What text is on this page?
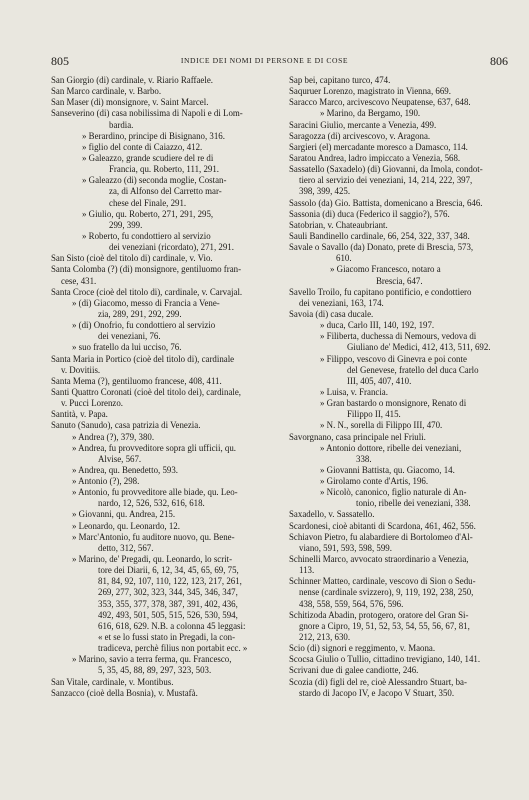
805	INDICE DEI NOMI DI PERSONE E DI COSE	806
San Giorgio (di) cardinale, v. Riario Raffaele.
San Marco cardinale, v. Barbo.
San Maser (di) monsignore, v. Saint Marcel.
Sanseverino (di) casa nobilissima di Napoli e di Lom-
bardia.
» Berardino, principe di Bisignano, 316.
» figlio del conte di Caiazzo, 412.
» Galeazzo, grande scudiere del re di
Francia, qu. Roberto, 111, 291.
» Galeazzo (di) seconda moglie, Costan-
za, di Alfonso del Carretto mar-
chese del Finale, 291.
» Giulio, qu. Roberto, 271, 291, 295,
299, 399.
» Roberto, fu condottiero al servizio
dei veneziani (ricordato), 271, 291.
San Sisto (cioè del titolo di) cardinale, v. Vio.
Santa Colomba (?) (di) monsignore, gentiluomo fran-
cese, 431.
Santa Croce (cioè del titolo di), cardinale, v. Carvajal.
» (di) Giacomo, messo di Francia a Vene-
zia, 289, 291, 292, 299.
» (di) Onofrio, fu condottiero al servizio
dei veneziani, 76.
» suo fratello da lui ucciso, 76.
Santa Maria in Portico (cioè del titolo di), cardinale
v. Dovitiis.
Santa Mema (?), gentiluomo francese, 408, 411.
Santi Quattro Coronati (cioè del titolo dei), cardinale,
v. Pucci Lorenzo.
Santità, v. Papa.
Sanuto (Sanudo), casa patrizia di Venezia.
» Andrea (?), 379, 380.
» Andrea, fu provveditore sopra gli ufficii, qu.
Alvise, 567.
» Andrea, qu. Benedetto, 593.
» Antonio (?), 298.
» Antonio, fu provveditore alle biade, qu. Leo-
nardo, 12, 526, 532, 616, 618.
» Giovanni, qu. Andrea, 215.
» Leonardo, qu. Leonardo, 12.
» Marc'Antonio, fu auditore nuovo, qu. Bene-
detto, 312, 567.
» Marino, de' Pregadi, qu. Leonardo, lo scrit-
tore dei Diarii, 6, 12, 34, 45, 65, 69, 75,
81, 84, 92, 107, 110, 122, 123, 217, 261,
269, 277, 302, 323, 344, 345, 346, 347,
353, 355, 377, 378, 387, 391, 402, 436,
492, 493, 501, 505, 515, 526, 530, 594,
616, 618, 629. N.B. a colonna 45 leggasi:
« et se lo fussi stato in Pregadi, la con-
tradiceva, perchè filius non portabit ecc. »
» Marino, savio a terra ferma, qu. Francesco,
5, 35, 45, 88, 89, 297, 323, 503.
San Vitale, cardinale, v. Montibus.
Sanzacco (cioè della Bosnia), v. Mustafà.
Sap bei, capitano turco, 474.
Saquruer Lorenzo, magistrato in Vienna, 669.
Saracco Marco, arcivescovo Neupatense, 637, 648.
» Marino, da Bergamo, 190.
Saracini Giulio, mercante a Venezia, 499.
Saragozza (di) arcivescovo, v. Aragona.
Sargieri (el) mercadante moresco a Damasco, 114.
Saratou Andrea, ladro impiccato a Venezia, 568.
Sassatello (Saxadelo) (di) Giovanni, da Imola, condot-
tiero al servizio dei veneziani, 14, 214, 222, 397,
398, 399, 425.
Sassolo (da) Gio. Battista, domenicano a Brescia, 646.
Sassonia (di) duca (Federico il saggio?), 576.
Satobrian, v. Chateaubriant.
Sauli Bandinello cardinale, 66, 254, 322, 337, 348.
Savale o Savallo (da) Donato, prete di Brescia, 573,
610.
» Giacomo Francesco, notaro a
Brescia, 647.
Savello Troilo, fu capitano pontificio, e condottiero
dei veneziani, 163, 174.
Savoia (di) casa ducale.
» duca, Carlo III, 140, 192, 197.
» Filiberta, duchessa di Nemours, vedova di
Giuliano de' Medici, 412, 413, 511, 692.
» Filippo, vescovo di Ginevra e poi conte
del Genevese, fratello del duca Carlo
III, 405, 407, 410.
» Luisa, v. Francia.
» Gran bastardo o monsignore, Renato di
Filippo II, 415.
» N. N., sorella di Filippo III, 470.
Savorgnano, casa principale nel Friuli.
» Antonio dottore, ribelle dei veneziani,
338.
» Giovanni Battista, qu. Giacomo, 14.
» Girolamo conte d'Artis, 196.
» Nicolò, canonico, figlio naturale di An-
tonio, ribelle dei veneziani, 338.
Saxadello, v. Sassatello.
Scardonesi, cioè abitanti di Scardona, 461, 462, 556.
Schiavon Pietro, fu alabardiere di Bortolomeo d'Al-
viano, 591, 593, 598, 599.
Schinelli Marco, avvocato straordinario a Venezia,
113.
Schinner Matteo, cardinale, vescovo di Sion o Sedu-
nense (cardinale svizzero), 9, 119, 192, 238, 250,
438, 558, 559, 564, 576, 596.
Schitizoda Abadin, protogero, oratore del Gran Si-
gnore a Cipro, 19, 51, 52, 53, 54, 55, 56, 67, 81,
212, 213, 630.
Scio (di) signori e reggimento, v. Maona.
Scocsa Giulio o Tullio, cittadino trevigiano, 140, 141.
Scrivani due di galee candiotte, 246.
Scozia (di) figli del re, cioè Alessandro Stuart, ba-
stardo di Jacopo IV, e Jacopo V Stuart, 350.
